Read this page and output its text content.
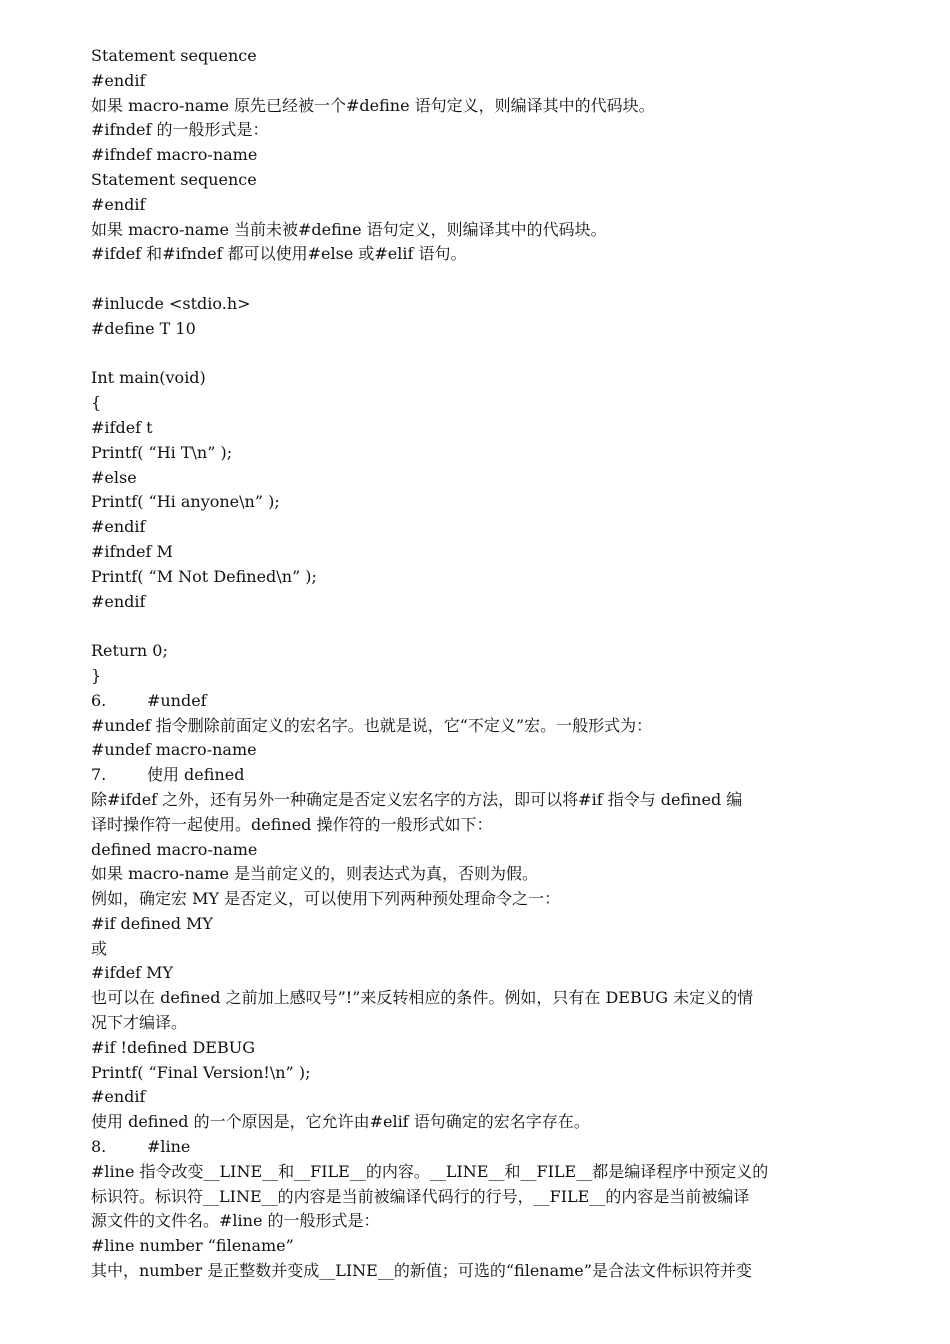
Statement sequence
#endif
如果 macro-name 原先已经被一个#define 语句定义，则编译其中的代码块。
#ifndef 的一般形式是：
#ifndef macro-name
Statement sequence
#endif
如果 macro-name 当前未被#define 语句定义，则编译其中的代码块。
#ifdef 和#ifndef 都可以使用#else 或#elif 语句。
#inlucde <stdio.h>
#define T 10
Int main(void)
{
#ifdef t
Printf( “Hi T\n” );
#else
Printf( “Hi anyone\n” );
#endif
#ifndef M
Printf( “M Not Defined\n” );
#endif
Return 0;
}
6.        #undef
#undef 指令删除前面定义的宏名字。也就是说，它“不定义”宏。一般形式为：
#undef macro-name
7.        使用 defined
除#ifdef 之外，还有另外一种确定是否定义宏名字的方法，即可以将#if 指令与 defined 编
译时操作符一起使用。defined 操作符的一般形式如下：
defined macro-name
如果 macro-name 是当前定义的，则表达式为真，否则为假。
例如，确定宏 MY 是否定义，可以使用下列两种预处理命令之一：
#if defined MY
或
#ifdef MY
也可以在 defined 之前加上感叹号”!”来反转相应的条件。例如，只有在 DEBUG 未定义的情
况下才编译。
#if !defined DEBUG
Printf( “Final Version!\n” );
#endif
使用 defined 的一个原因是，它允许由#elif 语句确定的宏名字存在。
8.        #line
#line 指令改变__LINE__和__FILE__的内容。__LINE__和__FILE__都是编译程序中预定义的
标识符。标识符__LINE__的内容是当前被编译代码行的行号，__FILE__的内容是当前被编译
源文件的文件名。#line 的一般形式是：
#line number “filename”
其中，number 是正整数并变成__LINE__的新值；可选的“filename”是合法文件标识符并变
